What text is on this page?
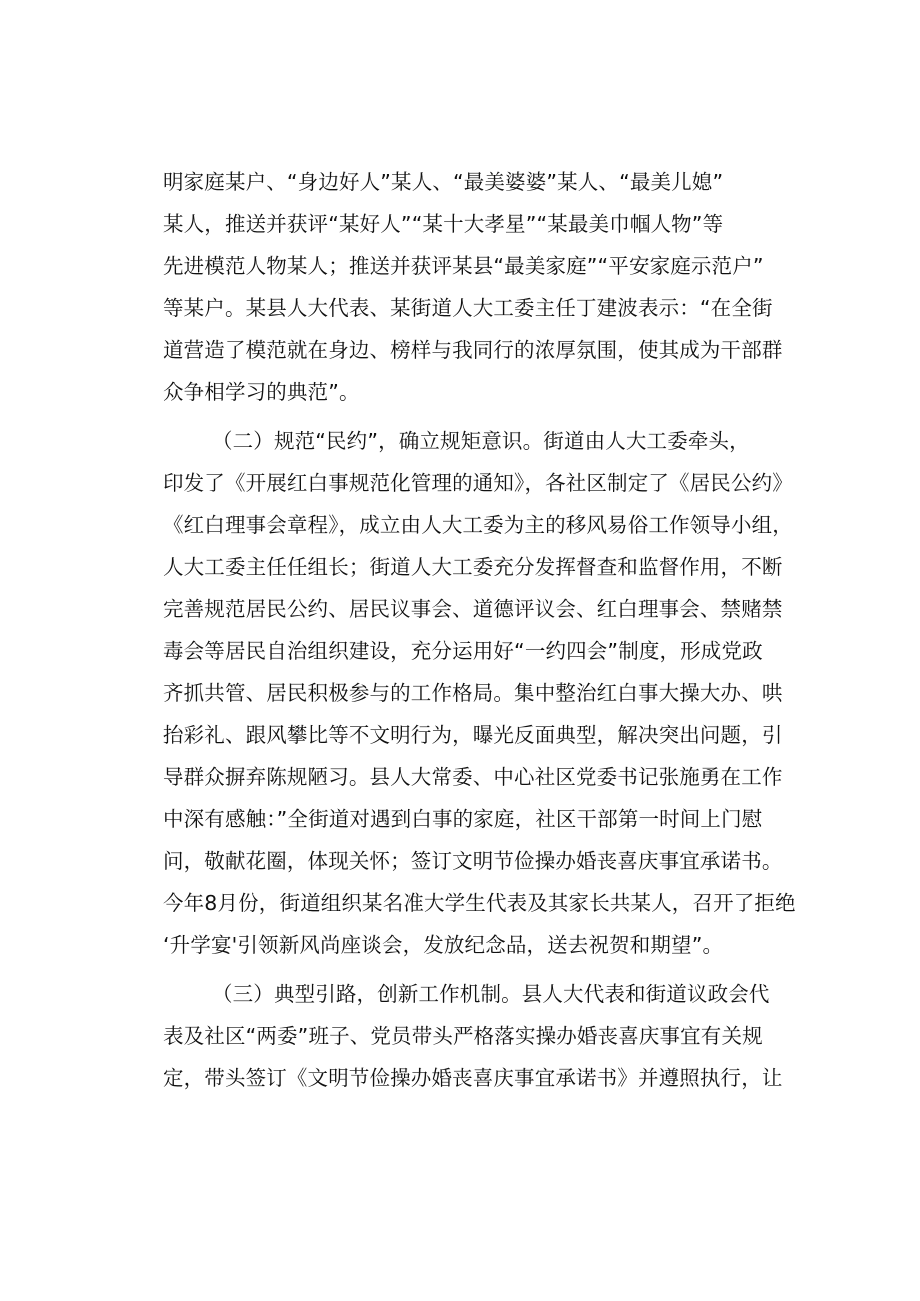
明家庭某户、“身边好人”某人、“最美婆婆”某人、“最美儿媳”
某人，推送并获评“某好人”“某十大孝星”“某最美巾帼人物”等
先进模范人物某人；推送并获评某县“最美家庭”“平安家庭示范户”
等某户。某县人大代表、某街道人大工委主任丁建波表示：“在全街
道营造了模范就在身边、榜样与我同行的浓厚氛围，使其成为干部群
众争相学习的典范”。
（二）规范“民约”，确立规矩意识。街道由人大工委牵头，
印发了《开展红白事规范化管理的通知》，各社区制定了《居民公约》
《红白理事会章程》，成立由人大工委为主的移风易俗工作领导小组，
人大工委主任任组长；街道人大工委充分发挥督查和监督作用，不断
完善规范居民公约、居民议事会、道德评议会、红白理事会、禁赌禁
毒会等居民自治组织建设，充分运用好“一约四会”制度，形成党政
齐抓共管、居民积极参与的工作格局。集中整治红白事大操大办、哄
抬彩礼、跟风攀比等不文明行为，曝光反面典型，解决突出问题，引
导群众摒弃陈规陋习。县人大常委、中心社区党委书记张施勇在工作
中深有感触：”全街道对遇到白事的家庭，社区干部第一时间上门慰
问，敬献花圈，体现关怀；签订文明节俭操办婚丧喜庆事宜承诺书。
今年8月份，街道组织某名准大学生代表及其家长共某人，召开了拒绝
‘升学宴'引领新风尚座谈会，发放纪念品，送去祝贺和期望”。
（三）典型引路，创新工作机制。县人大代表和街道议政会代
表及社区“两委”班子、党员带头严格落实操办婚丧喜庆事宜有关规
定，带头签订《文明节俭操办婚丧喜庆事宜承诺书》并遵照执行，让
